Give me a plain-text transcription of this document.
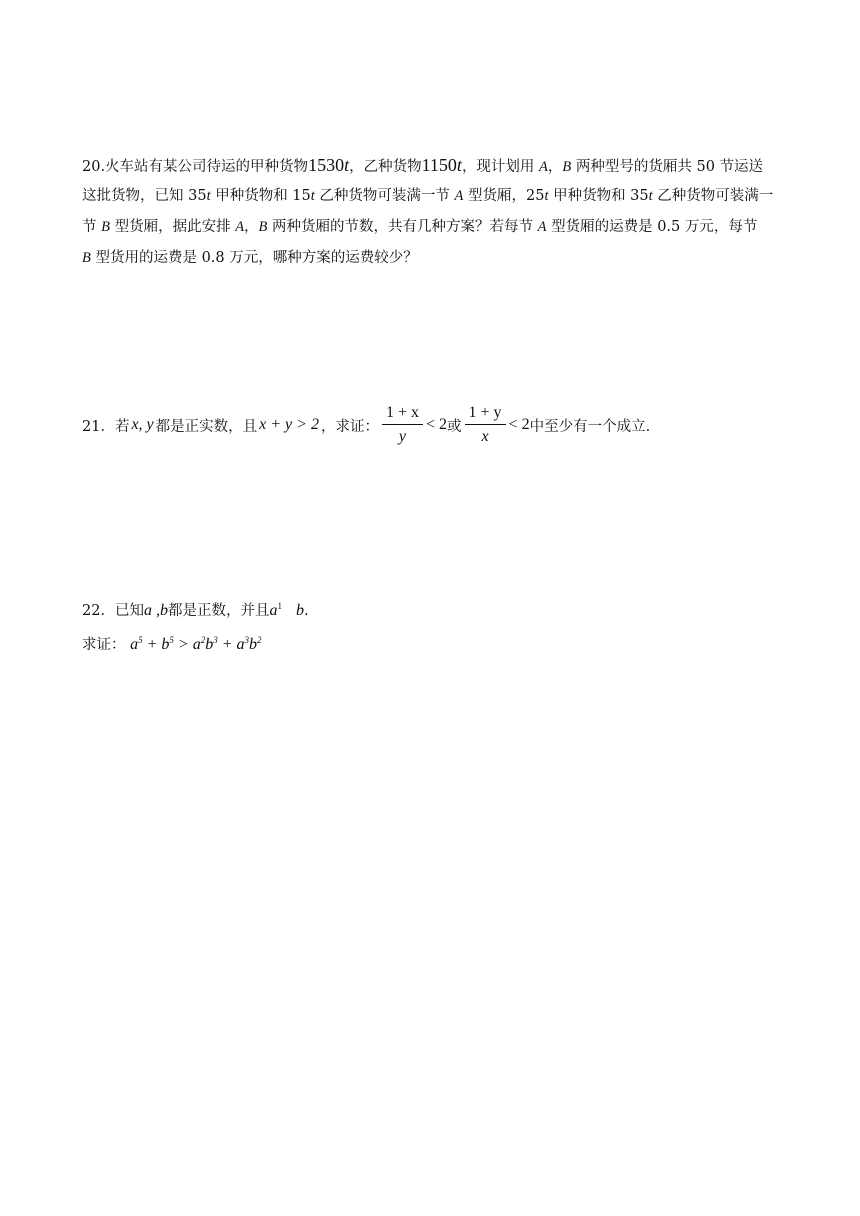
20.火车站有某公司待运的甲种货物1530t，乙种货物1150t，现计划用 A，B 两种型号的货厢共 50 节运送
这批货物，已知 35t 甲种货物和 15t 乙种货物可装满一节 A 型货厢，25t 甲种货物和 35t 乙种货物可装满一
节 B 型货厢，据此安排 A，B 两种货厢的节数，共有几种方案？若每节 A 型货厢的运费是 0.5 万元，每节
B 型货用的运费是 0.8 万元，哪种方案的运费较少？
21．若 x, y 都是正实数，且 x + y > 2 ，求证： $\frac{1 + x}{y} < 2$ 或 $\frac{1 + y}{x} < 2$ 中至少有一个成立.
22．已知a ,b都是正数，并且$a^1$ b.
求证： $a^5 + b^5 > a^2b^3 + a^3b^2$
